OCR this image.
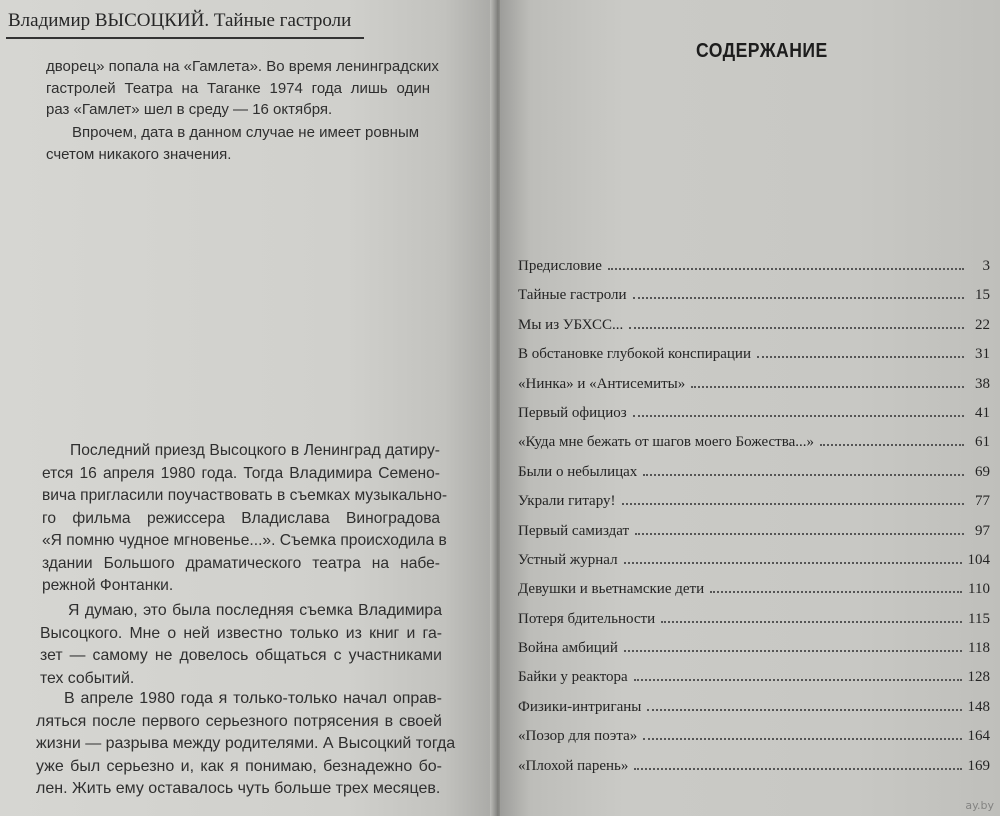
Владимир ВЫСОЦКИЙ. Тайные гастроли
дворец» попала на «Гамлета». Во время ленинградских
гастролей Театра на Таганке 1974 года лишь один
раз «Гамлет» шел в среду — 16 октября.
Впрочем, дата в данном случае не имеет ровным
счетом никакого значения.
Последний приезд Высоцкого в Ленинград датиру-
ется 16 апреля 1980 года. Тогда Владимира Семено-
вича пригласили поучаствовать в съемках музыкально-
го фильма режиссера Владислава Виноградова
«Я помню чудное мгновенье...». Съемка происходила в
здании Большого драматического театра на набе-
режной Фонтанки.
Я думаю, это была последняя съемка Владимира
Высоцкого. Мне о ней известно только из книг и га-
зет — самому не довелось общаться с участниками
тех событий.
В апреле 1980 года я только-только начал оправ-
ляться после первого серьезного потрясения в своей
жизни — разрыва между родителями. А Высоцкий тогда
уже был серьезно и, как я понимаю, безнадежно бо-
лен. Жить ему оставалось чуть больше трех месяцев.
СОДЕРЖАНИЕ
Предисловие	3
Тайные гастроли	15
Мы из УБХСС...	22
В обстановке глубокой конспирации	31
«Нинка» и «Антисемиты»	38
Первый официоз	41
«Куда мне бежать от шагов моего Божества...»	61
Были о небылицах	69
Украли гитару!	77
Первый самиздат	97
Устный журнал	104
Девушки и вьетнамские дети	110
Потеря бдительности	115
Война амбиций	118
Байки у реактора	128
Физики-интриганы	148
«Позор для поэта»	164
«Плохой парень»	169
ay.by
